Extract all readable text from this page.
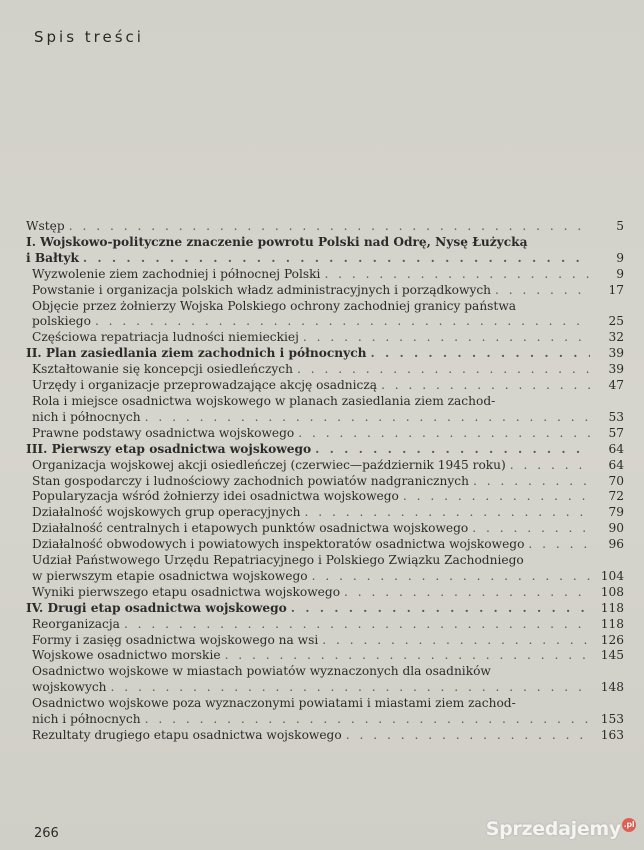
Spis treści
Wstęp . . .	5
I. Wojskowo-polityczne znaczenie powrotu Polski nad Odrę, Nysę Łużycką
i Bałtyk . . .	9
Wyzwolenie ziem zachodniej i północnej Polski . . .	9
Powstanie i organizacja polskich władz administracyjnych i porządkowych . . .	17
Objęcie przez żołnierzy Wojska Polskiego ochrony zachodniej granicy państwa
polskiego . . .	25
Częściowa repatriacja ludności niemieckiej . . .	32
II. Plan zasiedlania ziem zachodnich i północnych . . .	39
Kształtowanie się koncepcji osiedleńczych . . .	39
Urzędy i organizacje przeprowadzające akcję osadniczą . . .	47
Rola i miejsce osadnictwa wojskowego w planach zasiedlania ziem zachod-
nich i północnych . . .	53
Prawne podstawy osadnictwa wojskowego . . .	57
III. Pierwszy etap osadnictwa wojskowego . . .	64
Organizacja wojskowej akcji osiedleńczej (czerwiec—październik 1945 roku) . . .	64
Stan gospodarczy i ludnościowy zachodnich powiatów nadgranicznych . . .	70
Popularyzacja wśród żołnierzy idei osadnictwa wojskowego . . .	72
Działalność wojskowych grup operacyjnych . . .	79
Działalność centralnych i etapowych punktów osadnictwa wojskowego . . .	90
Działalność obwodowych i powiatowych inspektoratów osadnictwa wojskowego . . .	96
Udział Państwowego Urzędu Repatriacyjnego i Polskiego Związku Zachodniego
w pierwszym etapie osadnictwa wojskowego . . .	104
Wyniki pierwszego etapu osadnictwa wojskowego . . .	108
IV. Drugi etap osadnictwa wojskowego . . .	118
Reorganizacja . . .	118
Formy i zasięg osadnictwa wojskowego na wsi . . .	126
Wojskowe osadnictwo morskie . . .	145
Osadnictwo wojskowe w miastach powiatów wyznaczonych dla osadników
wojskowych . . .	148
Osadnictwo wojskowe poza wyznaczonymi powiatami i miastami ziem zachod-
nich i północnych . . .	153
Rezultaty drugiego etapu osadnictwa wojskowego . . .	163
266	Sprzedajemy .pl
